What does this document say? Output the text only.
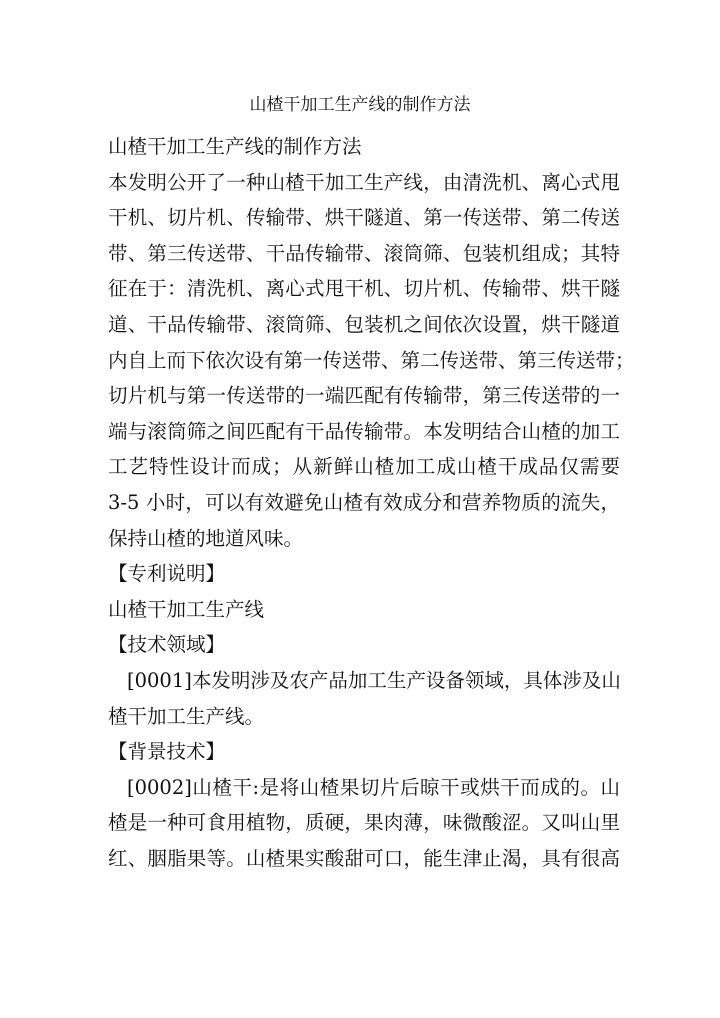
山楂干加工生产线的制作方法
山楂干加工生产线的制作方法
本发明公开了一种山楂干加工生产线，由清洗机、离心式甩
干机、切片机、传输带、烘干隧道、第一传送带、第二传送
带、第三传送带、干品传输带、滚筒筛、包装机组成；其特
征在于：清洗机、离心式甩干机、切片机、传输带、烘干隧
道、干品传输带、滚筒筛、包装机之间依次设置，烘干隧道
内自上而下依次设有第一传送带、第二传送带、第三传送带；
切片机与第一传送带的一端匹配有传输带，第三传送带的一
端与滚筒筛之间匹配有干品传输带。本发明结合山楂的加工
工艺特性设计而成；从新鲜山楂加工成山楂干成品仅需要
3-5 小时，可以有效避免山楂有效成分和营养物质的流失，
保持山楂的地道风味。
【专利说明】
山楂干加工生产线
【技术领域】
[0001]本发明涉及农产品加工生产设备领域，具体涉及山
楂干加工生产线。
【背景技术】
[0002]山楂干:是将山楂果切片后晾干或烘干而成的。山
楂是一种可食用植物，质硬，果肉薄，味微酸涩。又叫山里
红、胭脂果等。山楂果实酸甜可口，能生津止渴，具有很高
